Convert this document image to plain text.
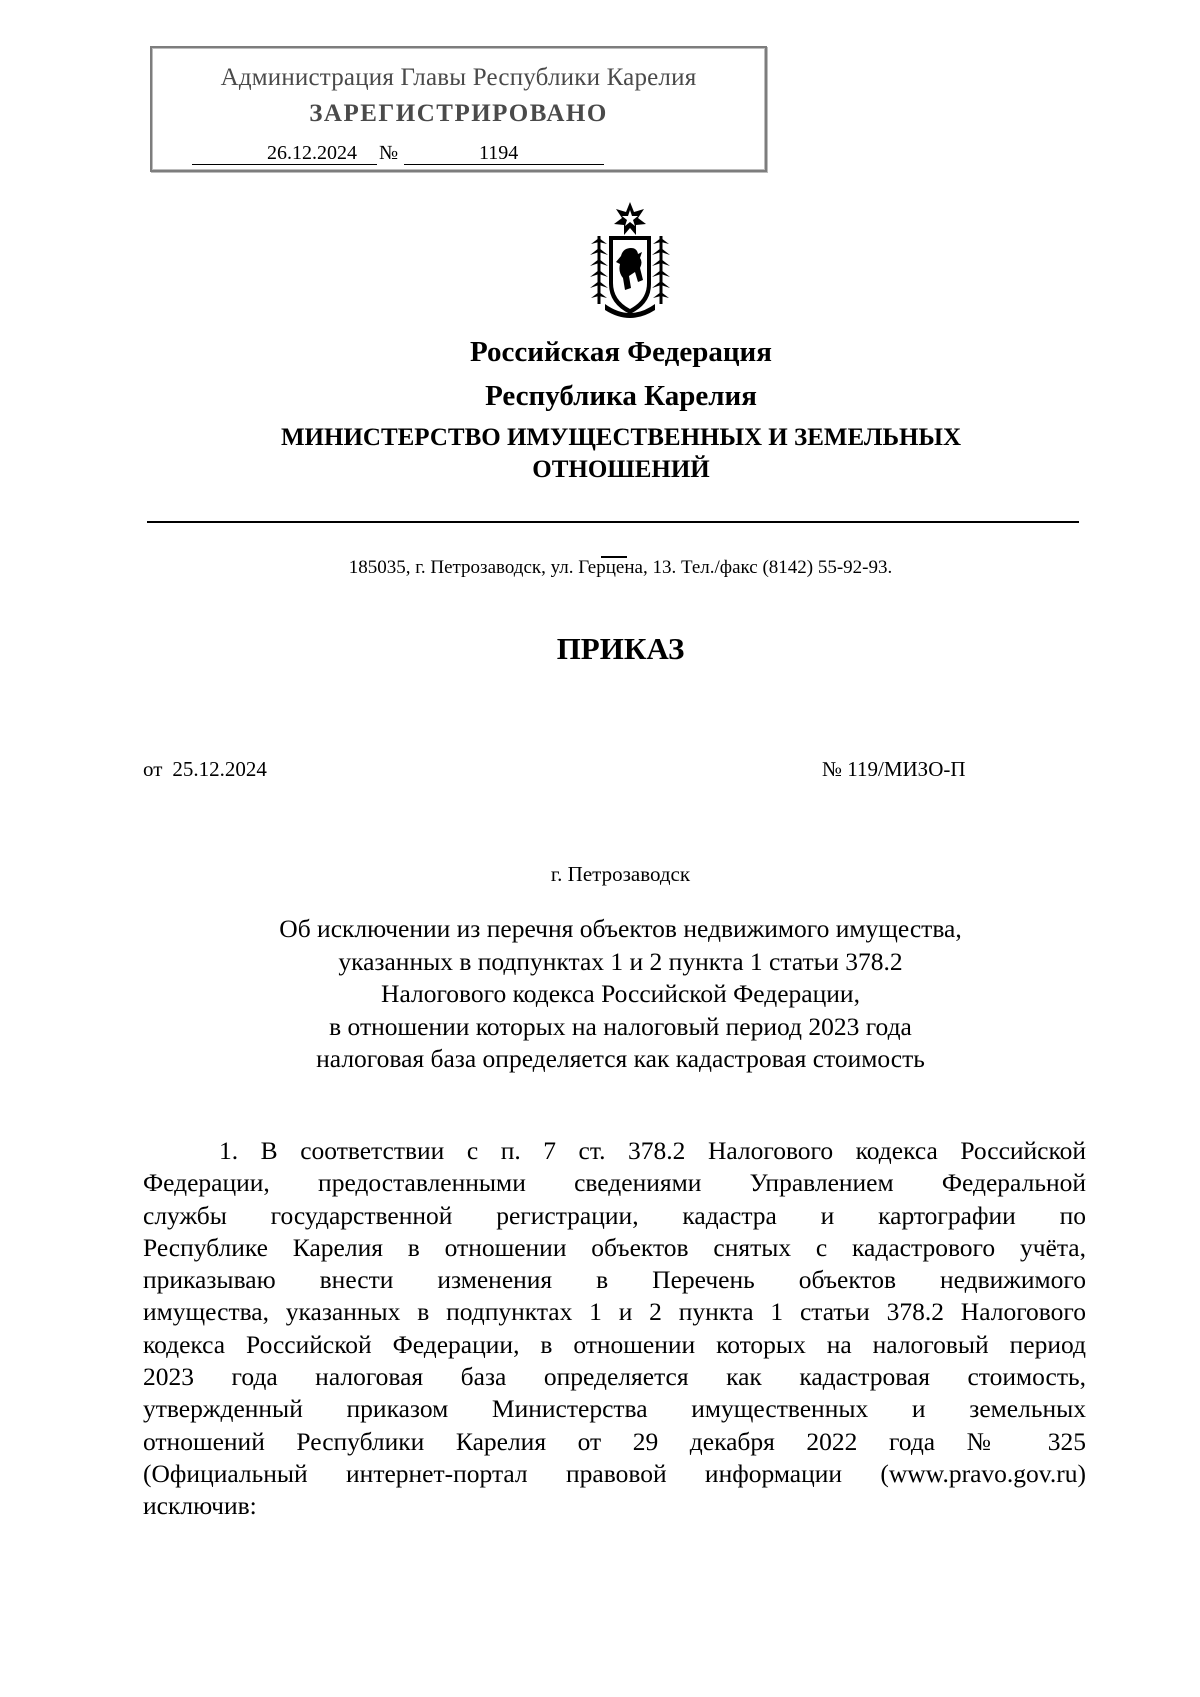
Администрация Главы Республики Карелия
ЗАРЕГИСТРИРОВАНО
26.12.2024	№	1194
Российская Федерация
Республика Карелия
МИНИСТЕРСТВО ИМУЩЕСТВЕННЫХ И ЗЕМЕЛЬНЫХ
ОТНОШЕНИЙ
185035, г. Петрозаводск, ул. Герцена, 13. Тел./факс (8142) 55-92-93.
ПРИКАЗ
от 25.12.2024	№ 119/МИЗО-П
г. Петрозаводск
Об исключении из перечня объектов недвижимого имущества,
указанных в подпунктах 1 и 2 пункта 1 статьи 378.2
Налогового кодекса Российской Федерации,
в отношении которых на налоговый период 2023 года
налоговая база определяется как кадастровая стоимость
1. В соответствии с п. 7 ст. 378.2 Налогового кодекса Российской
Федерации, предоставленными сведениями Управлением Федеральной
службы государственной регистрации, кадастра и картографии по
Республике Карелия в отношении объектов снятых с кадастрового учёта,
приказываю внести изменения в Перечень объектов недвижимого
имущества, указанных в подпунктах 1 и 2 пункта 1 статьи 378.2 Налогового
кодекса Российской Федерации, в отношении которых на налоговый период
2023 года налоговая база определяется как кадастровая стоимость,
утвержденный приказом Министерства имущественных и земельных
отношений Республики Карелия от 29 декабря 2022 года № 325
(Официальный интернет-портал правовой информации (www.pravo.gov.ru)
исключив:
